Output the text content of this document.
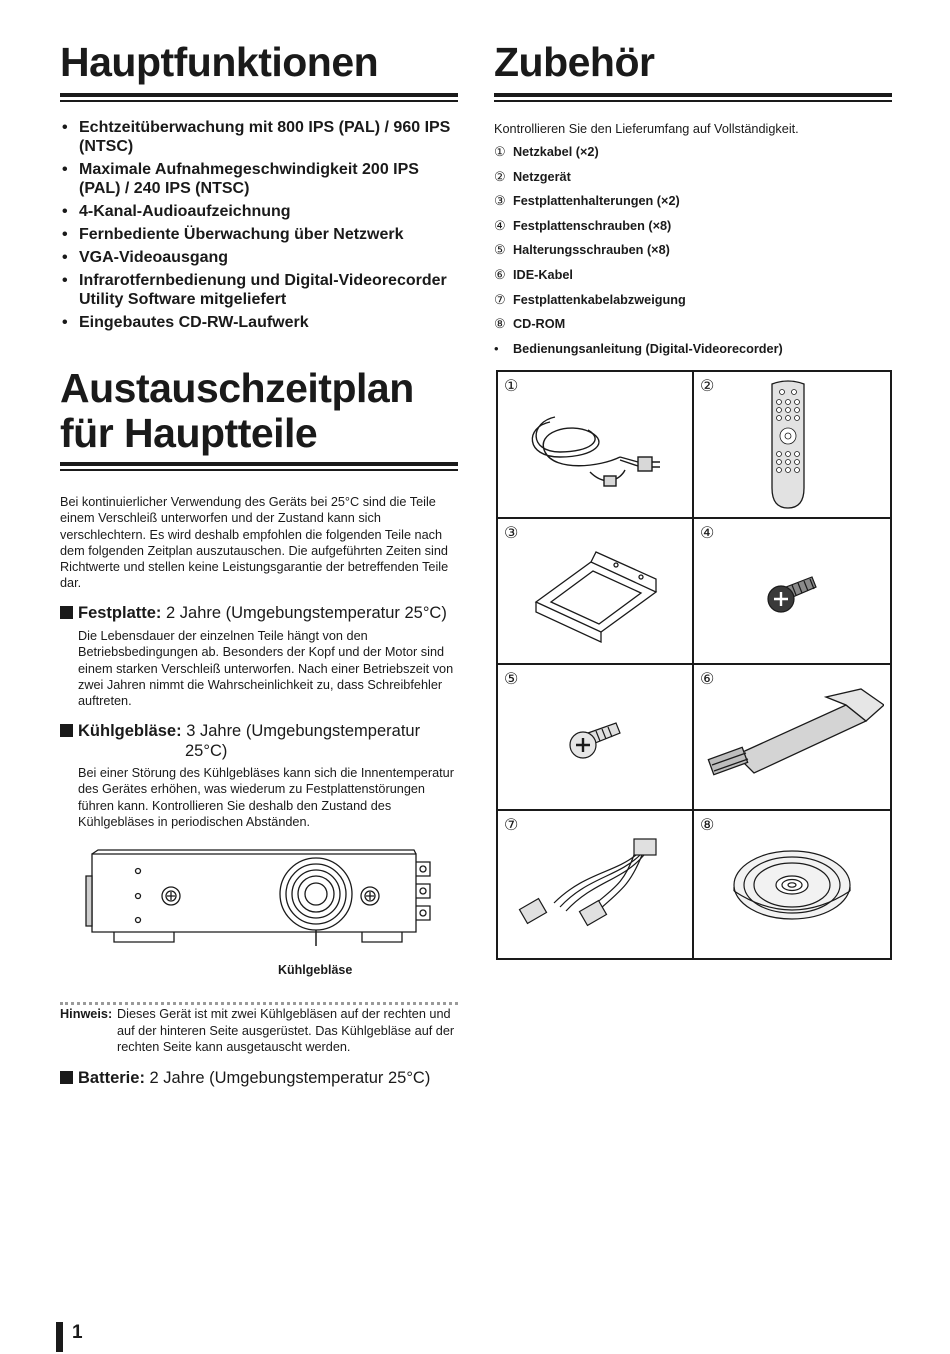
Hauptfunktionen
• Echtzeitüberwachung mit 800 IPS (PAL) / 960 IPS (NTSC)
• Maximale Aufnahmegeschwindigkeit 200 IPS (PAL) / 240 IPS (NTSC)
• 4-Kanal-Audioaufzeichnung
• Fernbediente Überwachung über Netzwerk
• VGA-Videoausgang
• Infrarotfernbedienung und Digital-Videorecorder Utility Software mitgeliefert
• Eingebautes CD-RW-Laufwerk
Austauschzeitplan
für Hauptteile

Bei kontinuierlicher Verwendung des Geräts bei 25°C sind die Teile einem Verschleiß unterworfen und der Zustand kann sich verschlechtern. Es wird deshalb empfohlen die folgenden Teile nach dem folgenden Zeitplan auszutauschen. Die aufgeführten Zeiten sind Richtwerte und stellen keine Leistungsgarantie der betreffenden Teile dar.

Festplatte: 2 Jahre (Umgebungstemperatur 25°C)

Die Lebensdauer der einzelnen Teile hängt von den Betriebsbedingungen ab. Besonders der Kopf und der Motor sind einem starken Verschleiß unterworfen. Nach einer Betriebszeit von zwei Jahren nimmt die Wahrscheinlichkeit zu, dass Schreibfehler auftreten.

Kühlgebläse: 3 Jahre (Umgebungstemperatur
25°C)

Bei einer Störung des Kühlgebläses kann sich die Innentemperatur des Gerätes erhöhen, was wiederum zu Festplattenstörungen führen kann. Kontrollieren Sie deshalb den Zustand des Kühlgebläses in periodischen Abständen.

Kühlgebläse
Hinweis: Dieses Gerät ist mit zwei Kühlgebläsen auf der rechten und auf der hinteren Seite ausgerüstet. Das Kühlgebläse auf der rechten Seite kann ausgetauscht werden.
Batterie: 2 Jahre (Umgebungstemperatur 25°C)
Zubehör

Kontrollieren Sie den Lieferumfang auf Vollständigkeit.

① Netzkabel (×2)
② Netzgerät
③ Festplattenhalterungen (×2)
④ Festplattenschrauben (×8)
⑤ Halterungsschrauben (×8)
⑥ IDE-Kabel
⑦ Festplattenkabelabzweigung
⑧ CD-ROM
• Bedienungsanleitung (Digital-Videorecorder)
①	②
③	④
⑤	⑥
⑦	⑧
1
